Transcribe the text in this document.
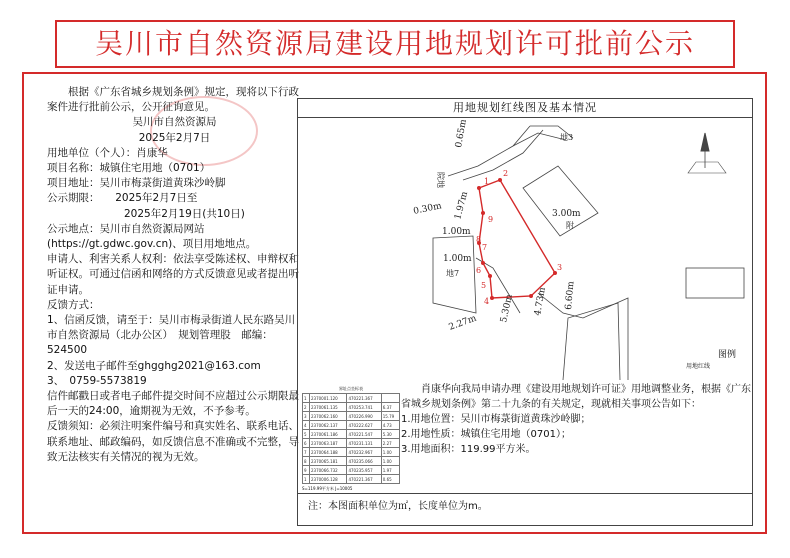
吴川市自然资源局建设用地规划许可批前公示

根据《广东省城乡规划条例》规定，现将以下行政案件进行批前公示，公开征询意见。

吴川市自然资源局

2025年2月7日

用地单位（个人）：肖康华

项目名称：城镇住宅用地（0701）

项目地址：吴川市梅菉街道黄珠沙岭脚

公示期限：　　2025年2月7日至

2025年2月19日(共10日)

公示地点：吴川市自然资源局网站(https://gt.gdwc.gov.cn)、项目用地地点。

申请人、利害关系人权利：依法享受陈述权、申辩权和听证权。可通过信函和网络的方式反馈意见或者提出听证申请。

反馈方式：

1、信函反馈，请至于：吴川市梅录街道人民东路吴川市自然资源局（北办公区）　规划管理股　邮编：524500

2、发送电子邮件至ghgghg2021@163.com

3、　0759-5573819

信件邮戳日或者电子邮件提交时间不应超过公示期限最后一天的24:00，逾期视为无效，不予参考。

反馈须知：必须注明案件编号和真实姓名、联系电话、联系地址、邮政编码，如反馈信息不准确或不完整，导致无法核实有关情况的视为无效。

用地规划红线图及基本情况
0.65m
1.97m
0.30m
1.00m
1.00m
2.27m 5.30m 4.73m 6.60m
3.00m
院地
地3
地7
附
1
2
3
4
5
6
7
8
9
图例
用地红线
界址点坐标表
1	2370001.120	470221.367	
2	2370061.135	470253.741	6.37
3	2370062.160	470226.990	15.79
4	2370062.137	470222.627	4.73
5	2370061.186	470221.547	5.30
6	2370063.187	470231.131	2.27
7	2370064.188	470232.967	1.00
8	2370065.181	470235.066	1.00
9	2370066.732	470235.957	1.97
1	2370006.128	470221.367	0.65
S=119.99平方米 J=10005

肖康华向我局申请办理《建设用地规划许可证》用地调整业务，根据《广东省城乡规划条例》第二十九条的有关规定，现就相关事项公告如下：

1.用地位置：吴川市梅菉街道黄珠沙岭脚；

2.用地性质：城镇住宅用地（0701）；

3.用地面积：119.99平方米。

注：本图面积单位为㎡，长度单位为m。
